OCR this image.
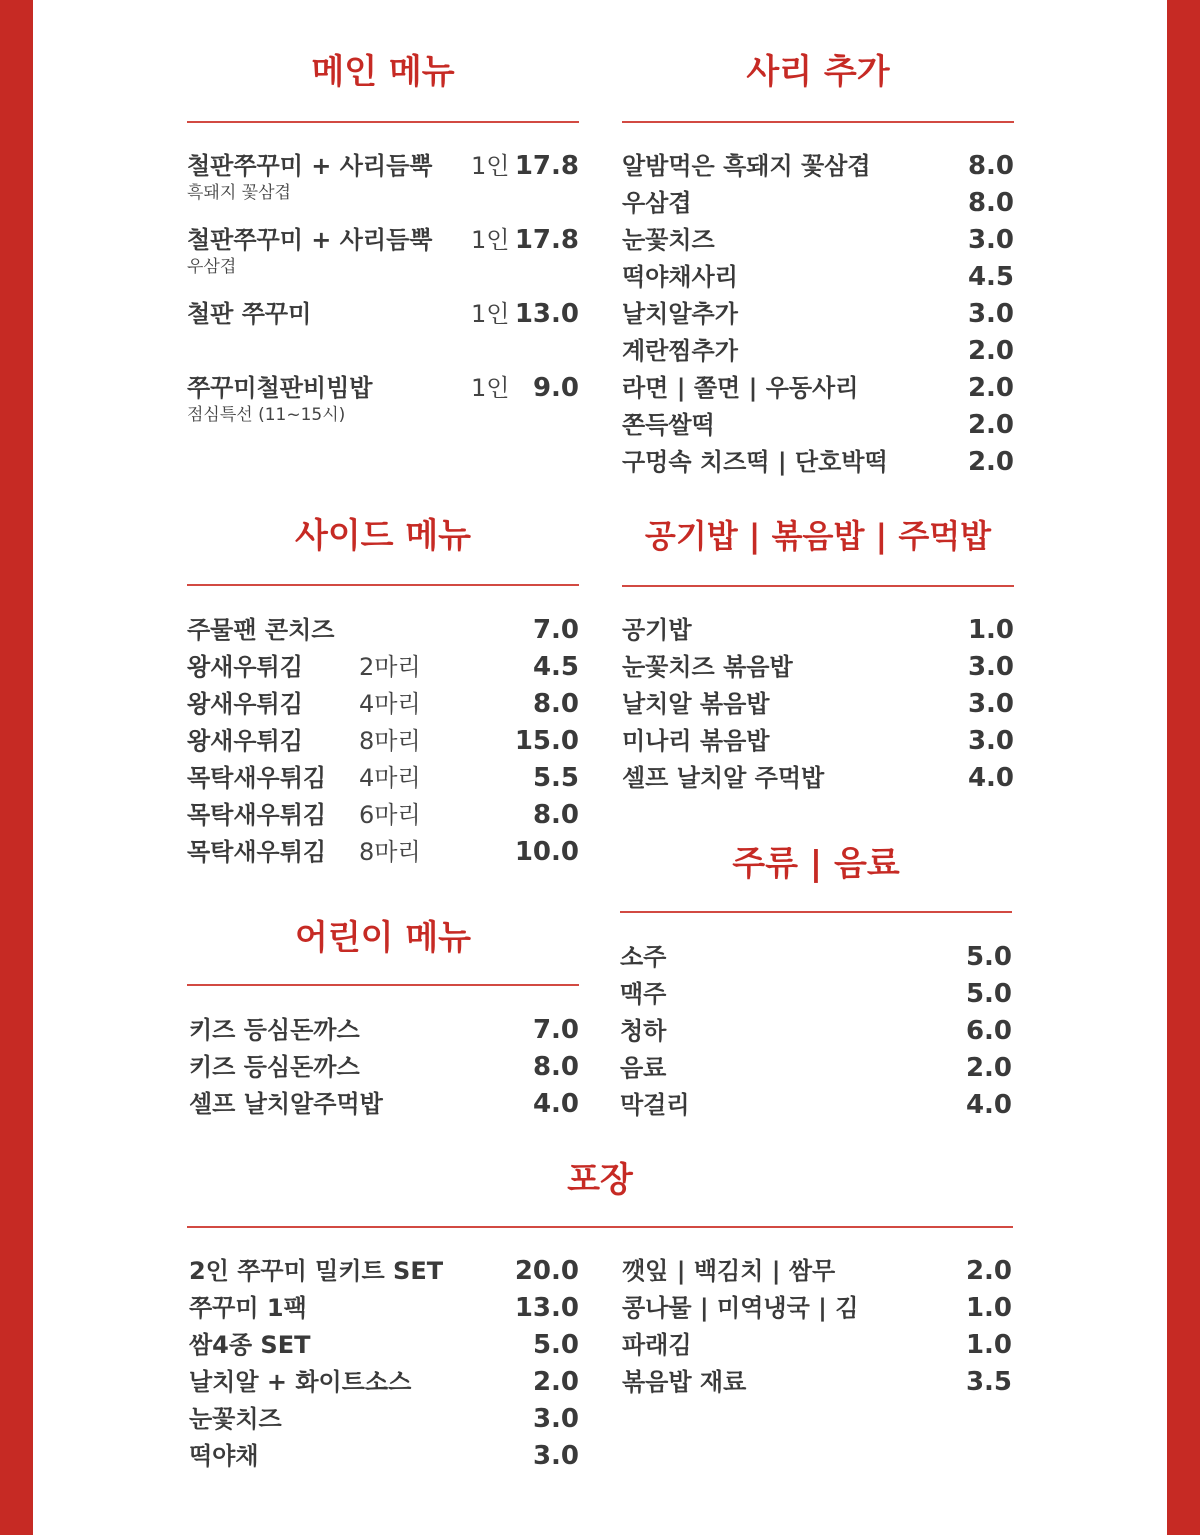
메인 메뉴	사리 추가
사이드 메뉴	공기밥 | 볶음밥 | 주먹밥
어린이 메뉴
주류 | 음료
포장
철판쭈꾸미 + 사리듬뿍 1인 17.8
흑돼지 꽃삼겹
철판쭈꾸미 + 사리듬뿍 1인 17.8
우삼겹
철판 쭈꾸미	1인 13.0
쭈꾸미철판비빔밥	1인 9.0
점심특선 (11~15시)
알밤먹은 흑돼지 꽃삼겹	8.0
우삼겹	8.0
눈꽃치즈	3.0
떡야채사리	4.5
날치알추가	3.0
계란찜추가	2.0
라면 | 쫄면 | 우동사리	2.0
쫀득쌀떡	2.0
구멍속 치즈떡 | 단호박떡	2.0
주물팬 콘치즈	7.0
왕새우튀김 2마리	4.5
왕새우튀김 4마리	8.0
왕새우튀김 8마리	15.0
목탁새우튀김 4마리	5.5
목탁새우튀김 6마리	8.0
목탁새우튀김 8마리	10.0
공기밥	1.0
눈꽃치즈 볶음밥	3.0
날치알 볶음밥	3.0
미나리 볶음밥	3.0
셀프 날치알 주먹밥	4.0
키즈 등심돈까스	7.0
키즈 등심돈까스	8.0
셀프 날치알주먹밥	4.0
소주	5.0
맥주	5.0
청하	6.0
음료	2.0
막걸리	4.0
2인 쭈꾸미 밀키트 SET	20.0
쭈꾸미 1팩	13.0
쌈4종 SET	5.0
날치알 + 화이트소스	2.0
눈꽃치즈	3.0
떡야채	3.0
깻잎 | 백김치 | 쌈무	2.0
콩나물 | 미역냉국 | 김	1.0
파래김	1.0
볶음밥 재료	3.5
